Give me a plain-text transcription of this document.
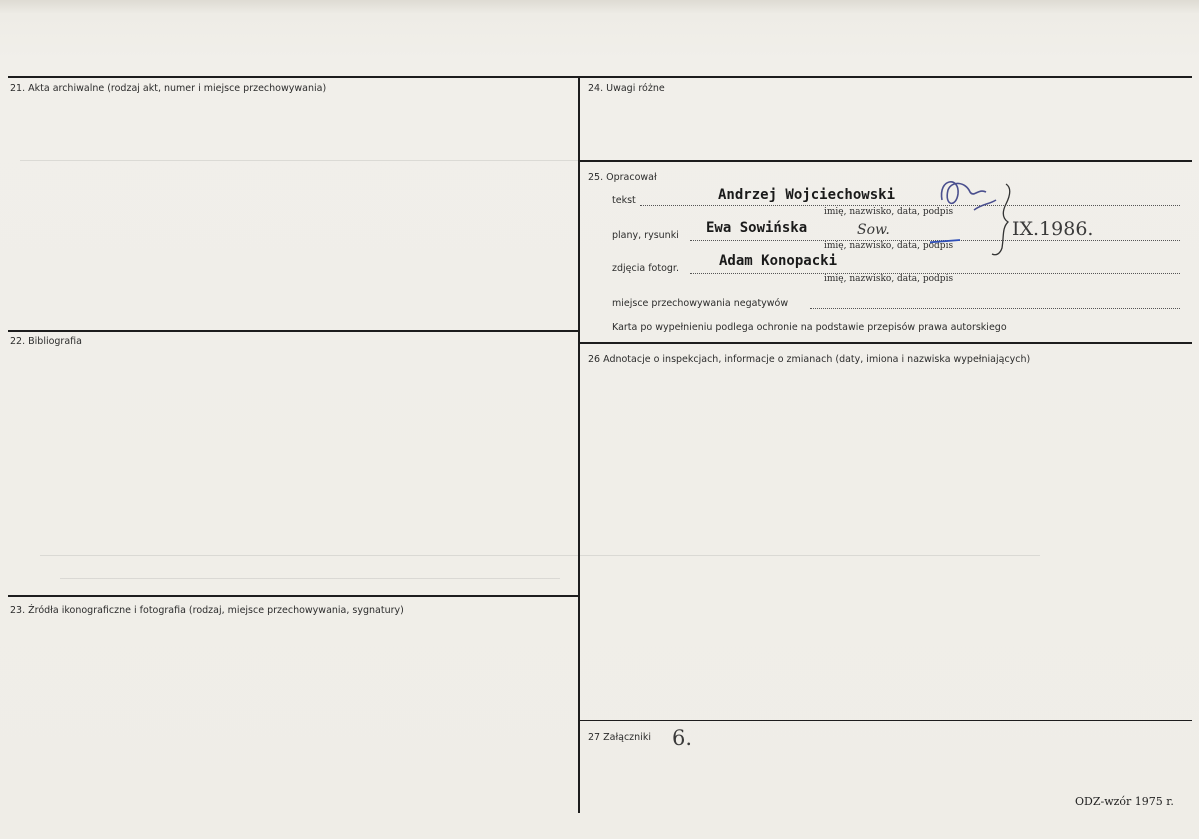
21. Akta archiwalne (rodzaj akt, numer i miejsce przechowywania)
22. Bibliografia
23. Źródła ikonograficzne i fotografia (rodzaj, miejsce przechowywania, sygnatury)
24. Uwagi różne
25. Opracował
tekst	Andrzej Wojciechowski
imię, nazwisko, data, podpis
plany, rysunki Ewa Sowińska	Sow.
imię, nazwisko, data, podpis
zdjęcia fotogr.	Adam Konopacki
imię, nazwisko, data, podpis
IX.1986.
miejsce przechowywania negatywów
Karta po wypełnieniu podlega ochronie na podstawie przepisów prawa autorskiego
26 Adnotacje o inspekcjach, informacje o zmianach (daty, imiona i nazwiska wypełniających)
27 Załączniki 6.
ODZ-wzór 1975 r.
